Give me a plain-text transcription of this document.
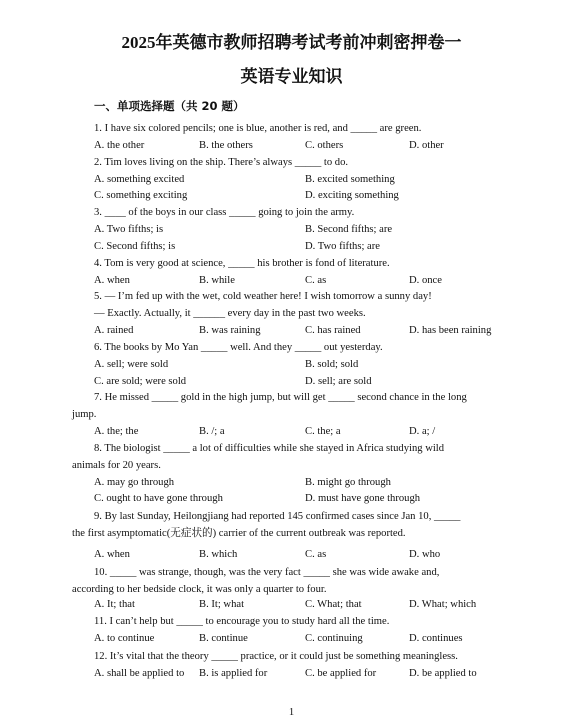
2025年英德市教师招聘考试考前冲刺密押卷一
英语专业知识
一、单项选择题（共 20 题）
1. I have six colored pencils; one is blue, another is red, and _____ are green.
A. the other	B. the others	C. others	D. other
2. Tim loves living on the ship. There’s always _____ to do.
A. something excited	B. excited something
C. something exciting	D. exciting something
3. ____ of the boys in our class _____ going to join the army.
A. Two fifths; is	B. Second fifths; are
C. Second fifths; is	D. Two fifths; are
4. Tom is very good at science, _____ his brother is fond of literature.
A. when	B. while	C. as	D. once
5. — I’m fed up with the wet, cold weather here! I wish tomorrow a sunny day!
— Exactly. Actually, it ______ every day in the past two weeks.
A. rained	B. was raining	C. has rained	D. has been raining
6. The books by Mo Yan _____ well. And they _____ out yesterday.
A. sell; were sold	B. sold; sold
C. are sold; were sold	D. sell; are sold
7. He missed _____ gold in the high jump, but will get _____ second chance in the long
jump.
A. the; the	B. /; a	C. the; a	D. a; /
8. The biologist _____ a lot of difficulties while she stayed in Africa studying wild
animals for 20 years.
A. may go through	B. might go through
C. ought to have gone through	D. must have gone through
9. By last Sunday, Heilongjiang had reported 145 confirmed cases since Jan 10, _____
the first asymptomatic(无症状的) carrier of the current outbreak was reported.
A. when	B. which	C. as	D. who
10. _____ was strange, though, was the very fact _____ she was wide awake and,
according to her bedside clock, it was only a quarter to four.
A. It; that	B. It; what	C. What; that	D. What; which
11. I can’t help but _____ to encourage you to study hard all the time.
A. to continue	B. continue	C. continuing	D. continues
12. It’s vital that the theory _____ practice, or it could just be something meaningless.
A. shall be applied to B. is applied for	C. be applied for	D. be applied to
1
